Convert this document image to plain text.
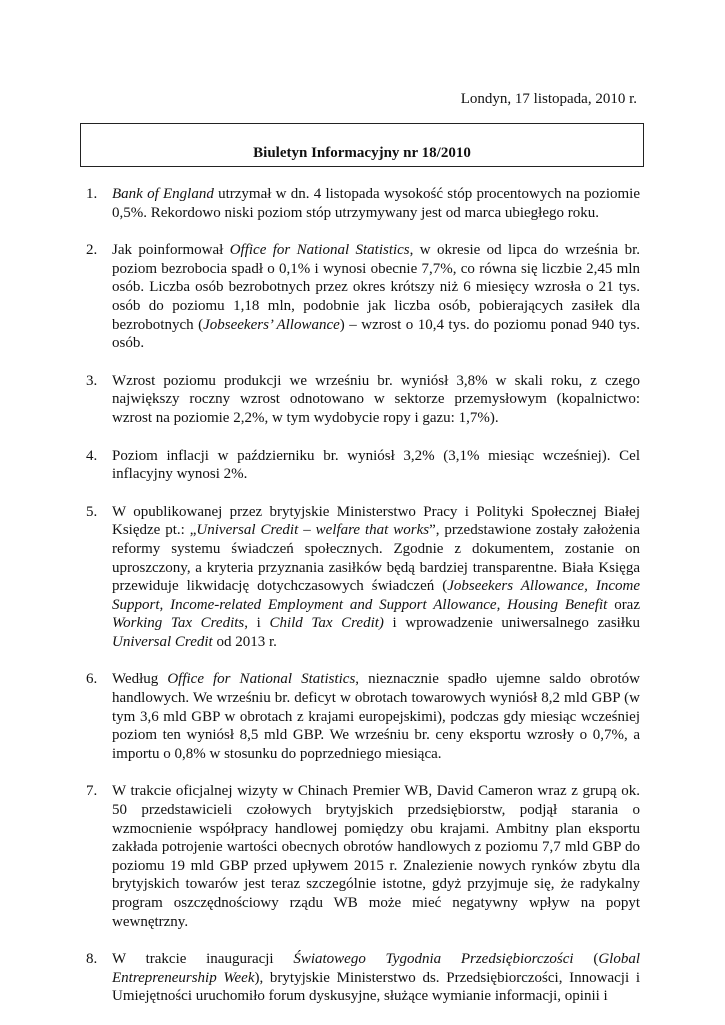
Londyn, 17 listopada, 2010 r.
Biuletyn Informacyjny nr 18/2010
1. Bank of England utrzymał w dn. 4 listopada wysokość stóp procentowych na poziomie 0,5%. Rekordowo niski poziom stóp utrzymywany jest od marca ubiegłego roku.
2. Jak poinformował Office for National Statistics, w okresie od lipca do września br. poziom bezrobocia spadł o 0,1% i wynosi obecnie 7,7%, co równa się liczbie 2,45 mln osób. Liczba osób bezrobotnych przez okres krótszy niż 6 miesięcy wzrosła o 21 tys. osób do poziomu 1,18 mln, podobnie jak liczba osób, pobierających zasiłek dla bezrobotnych (Jobseekers’ Allowance) – wzrost o 10,4 tys. do poziomu ponad 940 tys. osób.
3. Wzrost poziomu produkcji we wrześniu br. wyniósł 3,8% w skali roku, z czego największy roczny wzrost odnotowano w sektorze przemysłowym (kopalnictwo: wzrost na poziomie 2,2%, w tym wydobycie ropy i gazu: 1,7%).
4. Poziom inflacji w październiku br. wyniósł 3,2% (3,1% miesiąc wcześniej). Cel inflacyjny wynosi 2%.
5. W opublikowanej przez brytyjskie Ministerstwo Pracy i Polityki Społecznej Białej Księdze pt.: „Universal Credit – welfare that works”, przedstawione zostały założenia reformy systemu świadczeń społecznych. Zgodnie z dokumentem, zostanie on uproszczony, a kryteria przyznania zasiłków będą bardziej transparentne. Biała Księga przewiduje likwidację dotychczasowych świadczeń (Jobseekers Allowance, Income Support, Income-related Employment and Support Allowance, Housing Benefit oraz Working Tax Credits, i Child Tax Credit) i wprowadzenie uniwersalnego zasiłku Universal Credit od 2013 r.
6. Według Office for National Statistics, nieznacznie spadło ujemne saldo obrotów handlowych. We wrześniu br. deficyt w obrotach towarowych wyniósł 8,2 mld GBP (w tym 3,6 mld GBP w obrotach z krajami europejskimi), podczas gdy miesiąc wcześniej poziom ten wyniósł 8,5 mld GBP. We wrześniu br. ceny eksportu wzrosły o 0,7%, a importu o 0,8% w stosunku do poprzedniego miesiąca.
7. W trakcie oficjalnej wizyty w Chinach Premier WB, David Cameron wraz z grupą ok. 50 przedstawicieli czołowych brytyjskich przedsiębiorstw, podjął starania o wzmocnienie współpracy handlowej pomiędzy obu krajami. Ambitny plan eksportu zakłada potrojenie wartości obecnych obrotów handlowych z poziomu 7,7 mld GBP do poziomu 19 mld GBP przed upływem 2015 r. Znalezienie nowych rynków zbytu dla brytyjskich towarów jest teraz szczególnie istotne, gdyż przyjmuje się, że radykalny program oszczędnościowy rządu WB może mieć negatywny wpływ na popyt wewnętrzny.
8. W trakcie inauguracji Światowego Tygodnia Przedsiębiorczości (Global Entrepreneurship Week), brytyjskie Ministerstwo ds. Przedsiębiorczości, Innowacji i Umiejętności uruchomiło forum dyskusyjne, służące wymianie informacji, opinii i
